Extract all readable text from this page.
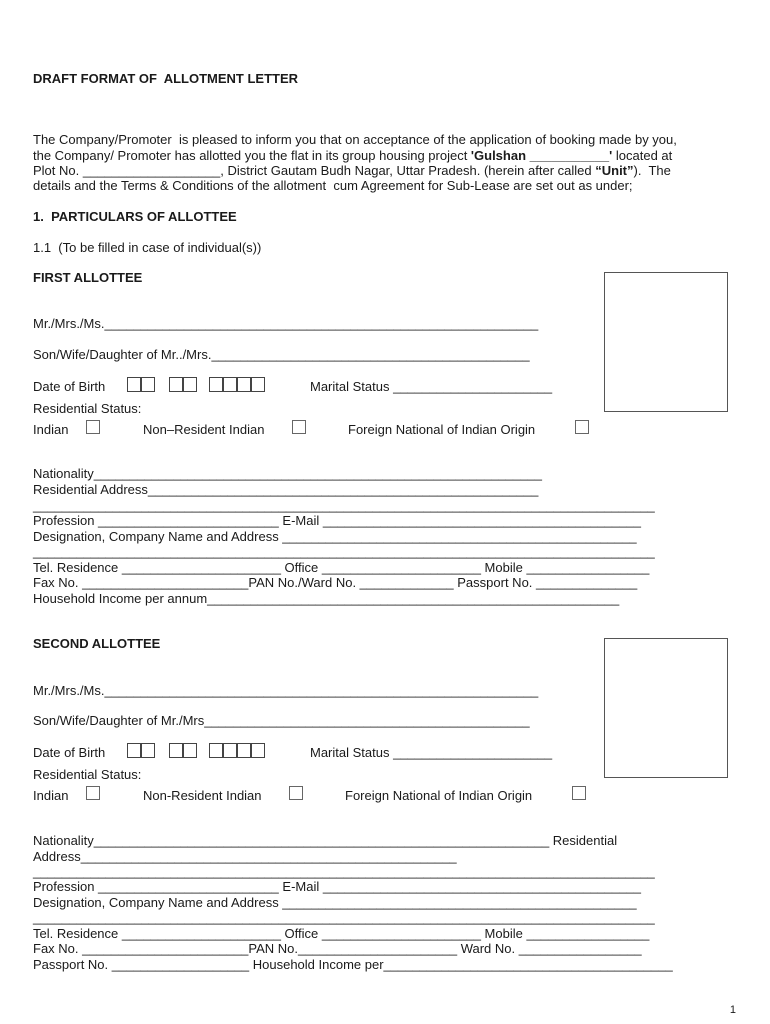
DRAFT FORMAT OF  ALLOTMENT LETTER
The Company/Promoter  is pleased to inform you that on acceptance of the application of booking made by you,
the Company/ Promoter has allotted you the flat in its group housing project 'Gulshan ___________' located at
Plot No. ___________________, District Gautam Budh Nagar, Uttar Pradesh. (herein after called “Unit”).  The
details and the Terms & Conditions of the allotment  cum Agreement for Sub-Lease are set out as under;
1.  PARTICULARS OF ALLOTTEE
1.1  (To be filled in case of individual(s))
FIRST ALLOTTEE
Mr./Mrs./Ms.____________________________________________________________
Son/Wife/Daughter of Mr../Mrs.____________________________________________
Date of Birth	Marital Status ______________________
Residential Status:
Indian	Non–Resident Indian	Foreign National of Indian Origin
Nationality______________________________________________________________
Residential Address______________________________________________________
______________________________________________________________________________________
Profession _________________________ E-Mail ____________________________________________
Designation, Company Name and Address _________________________________________________
______________________________________________________________________________________
Tel. Residence ______________________ Office ______________________ Mobile _________________
Fax No. _______________________PAN No./Ward No. _____________ Passport No. ______________
Household Income per annum_________________________________________________________
SECOND ALLOTTEE
Mr./Mrs./Ms.____________________________________________________________
Son/Wife/Daughter of Mr./Mrs_____________________________________________
Date of Birth	Marital Status ______________________
Residential Status:
Indian	Non-Resident Indian	Foreign National of Indian Origin
Nationality_______________________________________________________________ Residential
Address____________________________________________________
______________________________________________________________________________________
Profession _________________________ E-Mail ____________________________________________
Designation, Company Name and Address _________________________________________________
______________________________________________________________________________________
Tel. Residence ______________________ Office ______________________ Mobile _________________
Fax No. _______________________PAN No.______________________ Ward No. _________________
Passport No. ___________________ Household Income per________________________________________
1
